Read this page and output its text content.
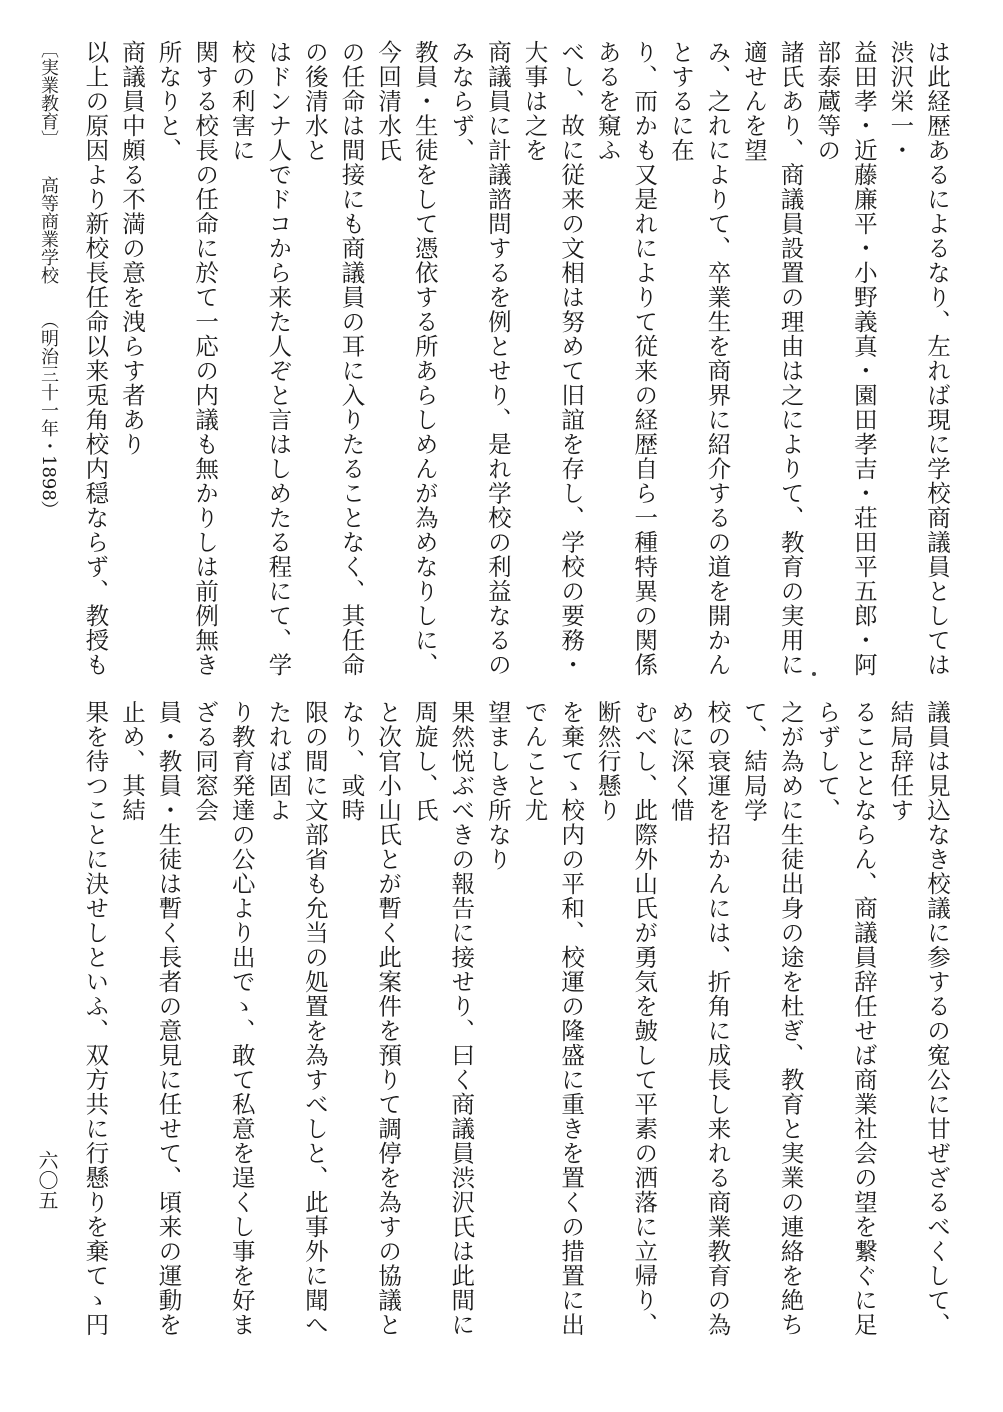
〔実業教育〕 高等商業学校 （明治三十一年・1898）	は此経歴あるによるなり、左れば現に学校商議員としては渋沢栄一・

益田孝・近藤廉平・小野義真・園田孝吉・荘田平五郎・阿部泰蔵等の

諸氏あり、商議員設置の理由は之によりて、教育の実用に適せんを望

み、之れによりて、卒業生を商界に紹介するの道を開かんとするに在

り、而かも又是れによりて従来の経歴自ら一種特異の関係あるを窺ふ

べし、故に従来の文相は努めて旧誼を存し、学校の要務・大事は之を

商議員に計議諮問するを例とせり、是れ学校の利益なるのみならず、

教員・生徒をして憑依する所あらしめんが為めなりしに、今回清水氏

の任命は間接にも商議員の耳に入りたることなく、其任命の後清水と

はドンナ人でドコから来た人ぞと言はしめたる程にて、学校の利害に

関する校長の任命に於て一応の内議も無かりしは前例無き所なりと、

商議員中頗る不満の意を洩らす者あり

以上の原因より新校長任命以来兎角校内穏ならず、教授も

議員は見込なき校議に参するの寃公に甘ぜざるべくして、結局辞任す

ることとならん、商議員辞任せば商業社会の望を繋ぐに足らずして、

之が為めに生徒出身の途を杜ぎ、教育と実業の連絡を絶ちて、結局学

校の衰運を招かんには、折角に成長し来れる商業教育の為めに深く惜

むべし、此際外山氏が勇気を皷して平素の洒落に立帰り、断然行懸り

を棄てゝ校内の平和、校運の隆盛に重きを置くの措置に出でんこと尤

望ましき所なり

果然悦ぶべきの報告に接せり、曰く商議員渋沢氏は此間に周旋し、氏

と次官小山氏とが暫く此案件を預りて調停を為すの協議となり、或時

限の間に文部省も允当の処置を為すべしと、此事外に聞へたれば固よ

り教育発達の公心より出でゝ、敢て私意を逞くし事を好まざる同窓会

員・教員・生徒は暫く長者の意見に任せて、頃来の運動を止め、其結

果を待つことに決せしといふ、双方共に行懸りを棄てゝ円

六〇五
